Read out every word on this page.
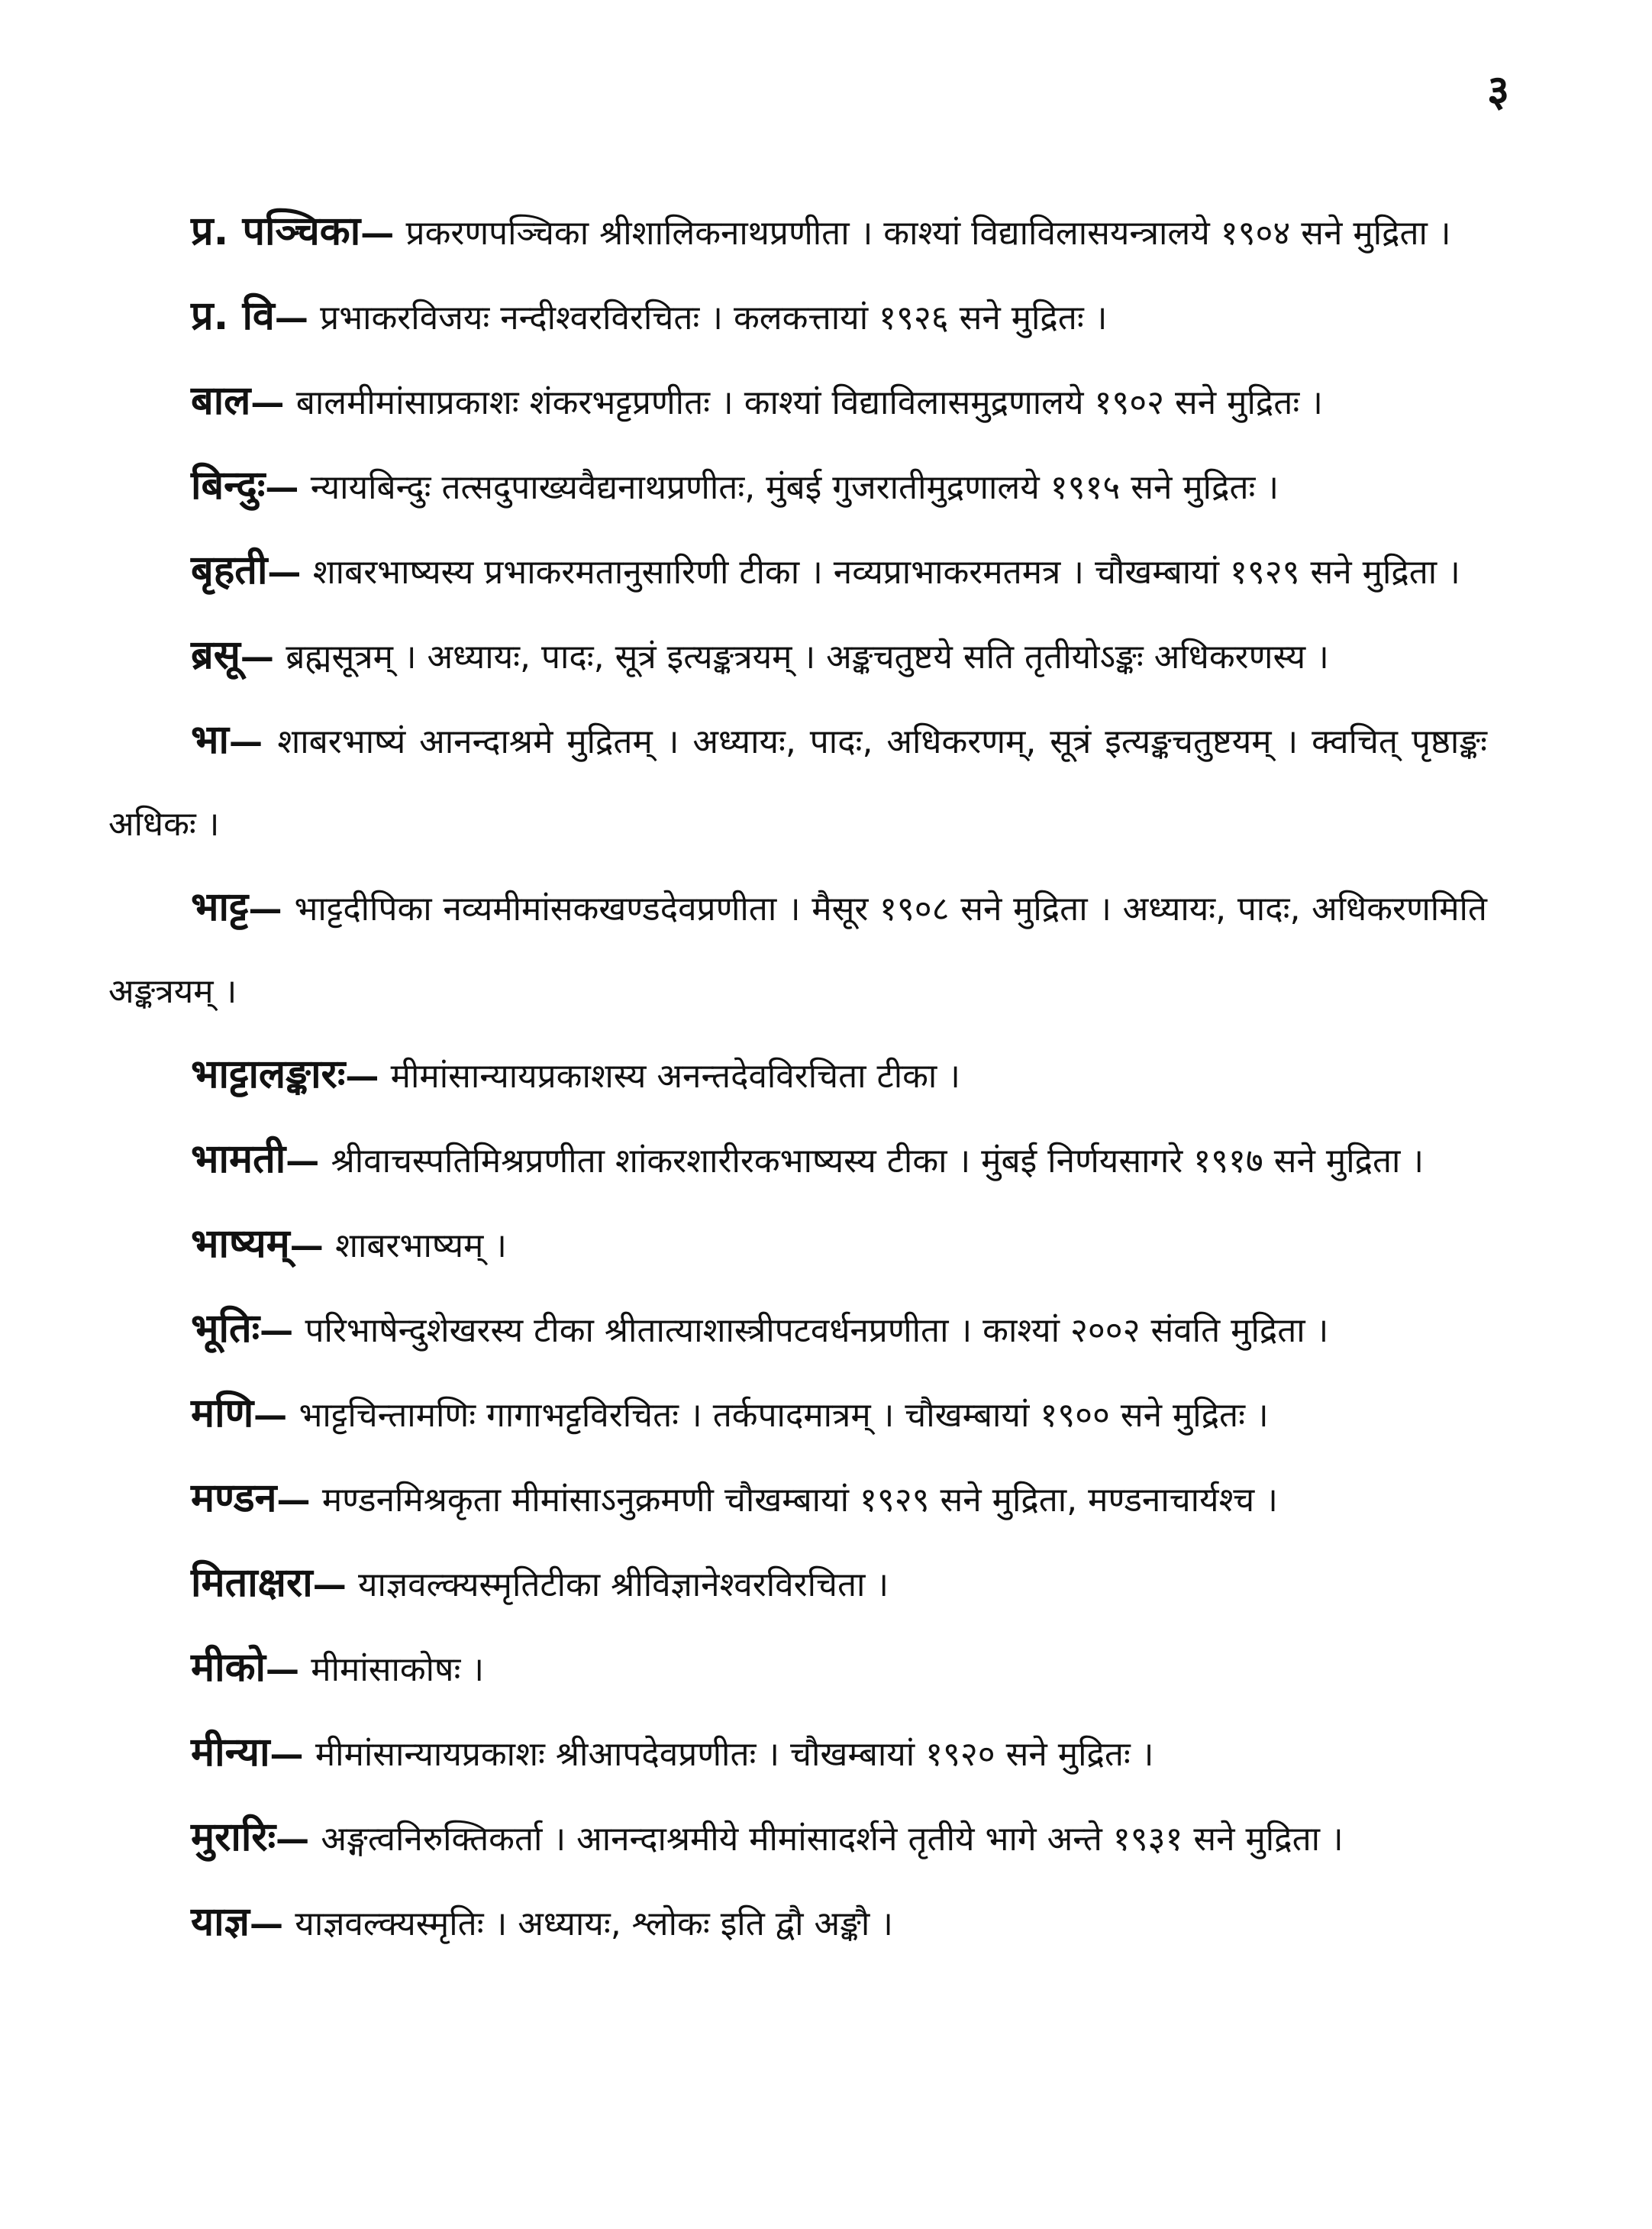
३

प्र. पञ्चिका— प्रकरणपञ्चिका श्रीशालिकनाथप्रणीता । काश्यां विद्याविलासयन्त्रालये १९०४ सने मुद्रिता ।

प्र. वि— प्रभाकरविजयः नन्दीश्वरविरचितः । कलकत्तायां १९२६ सने मुद्रितः ।

बाल— बालमीमांसाप्रकाशः शंकरभट्टप्रणीतः । काश्यां विद्याविलासमुद्रणालये १९०२ सने मुद्रितः ।

बिन्दुः— न्यायबिन्दुः तत्सदुपाख्यवैद्यनाथप्रणीतः, मुंबई गुजरातीमुद्रणालये १९१५ सने मुद्रितः ।

बृहती— शाबरभाष्यस्य प्रभाकरमतानुसारिणी टीका । नव्यप्राभाकरमतमत्र । चौखम्बायां १९२९ सने मुद्रिता ।

ब्रसू— ब्रह्मसूत्रम् । अध्यायः, पादः, सूत्रं इत्यङ्कत्रयम् । अङ्कचतुष्टये सति तृतीयोऽङ्कः अधिकरणस्य ।

भा— शाबरभाष्यं आनन्दाश्रमे मुद्रितम् । अध्यायः, पादः, अधिकरणम्, सूत्रं इत्यङ्कचतुष्टयम् । क्वचित् पृष्ठाङ्कः अधिकः ।

भाट्ट— भाट्टदीपिका नव्यमीमांसकखण्डदेवप्रणीता । मैसूर १९०८ सने मुद्रिता । अध्यायः, पादः, अधिकरणमिति अङ्कत्रयम् ।

भाट्टालङ्कारः— मीमांसान्यायप्रकाशस्य अनन्तदेवविरचिता टीका ।

भामती— श्रीवाचस्पतिमिश्रप्रणीता शांकरशारीरकभाष्यस्य टीका । मुंबई निर्णयसागरे १९१७ सने मुद्रिता ।

भाष्यम्— शाबरभाष्यम् ।

भूतिः— परिभाषेन्दुशेखरस्य टीका श्रीतात्याशास्त्रीपटवर्धनप्रणीता । काश्यां २००२ संवति मुद्रिता ।

मणि— भाट्टचिन्तामणिः गागाभट्टविरचितः । तर्कपादमात्रम् । चौखम्बायां १९०० सने मुद्रितः ।

मण्डन— मण्डनमिश्रकृता मीमांसाऽनुक्रमणी चौखम्बायां १९२९ सने मुद्रिता, मण्डनाचार्यश्च ।

मिताक्षरा— याज्ञवल्क्यस्मृतिटीका श्रीविज्ञानेश्वरविरचिता ।

मीको— मीमांसाकोषः ।

मीन्या— मीमांसान्यायप्रकाशः श्रीआपदेवप्रणीतः । चौखम्बायां १९२० सने मुद्रितः ।

मुरारिः— अङ्गत्वनिरुक्तिकर्ता । आनन्दाश्रमीये मीमांसादर्शने तृतीये भागे अन्ते १९३१ सने मुद्रिता ।

याज्ञ— याज्ञवल्क्यस्मृतिः । अध्यायः, श्लोकः इति द्वौ अङ्कौ ।
